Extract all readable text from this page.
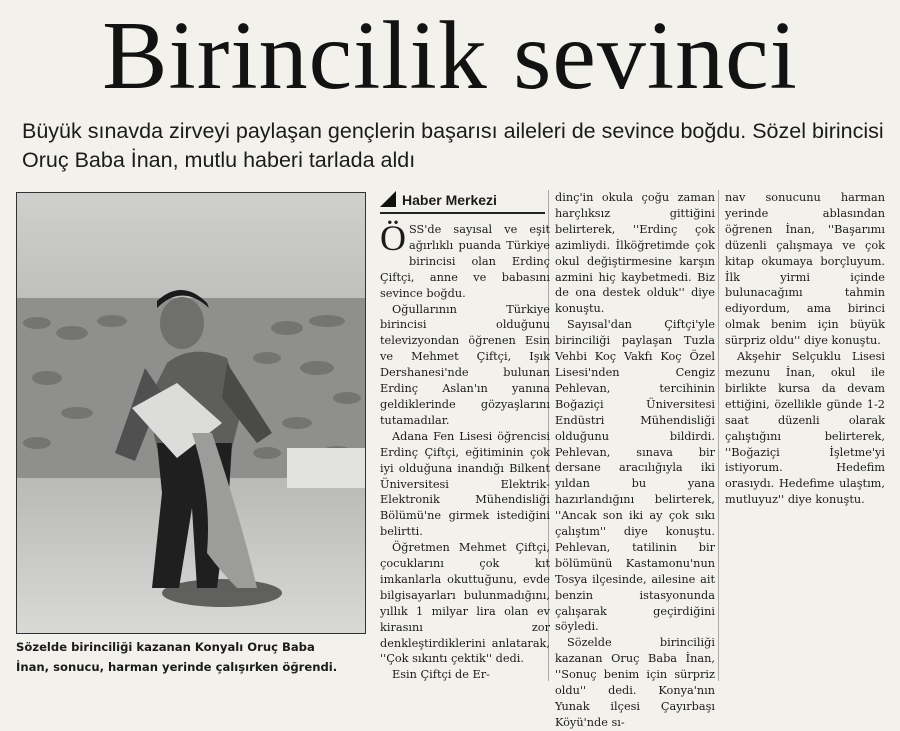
Birincilik sevinci
Büyük sınavda zirveyi paylaşan gençlerin başarısı aileleri de sevince boğdu. Sözel birincisi Oruç Baba İnan, mutlu haberi tarlada aldı
Sözelde birinciliği kazanan Konyalı Oruç Baba
İnan, sonucu, harman yerinde çalışırken öğrendi.
Haber Merkezi

ÖSS'de sayısal ve eşit ağırlıklı puanda Türkiye birincisi olan Erdinç Çiftçi, anne ve babasını sevince boğdu.

Oğullarının Türkiye birincisi olduğunu televizyondan öğrenen Esin ve Mehmet Çiftçi, Işık Dershanesi'nde bulunan Erdinç Aslan'ın yanına geldiklerinde gözyaşlarını tutamadılar.

Adana Fen Lisesi öğrencisi Erdinç Çiftçi, eğitiminin çok iyi olduğuna inandığı Bilkent Üniversitesi Elektrik-Elektronik Mühendisliği Bölümü'ne girmek istediğini belirtti.

Öğretmen Mehmet Çiftçi, çocuklarını çok kıt imkanlarla okuttuğunu, evde bilgisayarları bulunmadığını, yıllık 1 milyar lira olan ev kirasını zor denkleştirdiklerini anlatarak, ''Çok sıkıntı çektik'' dedi.

Esin Çiftçi de Er-

dinç'in okula çoğu zaman harçlıksız gittiğini belirterek, ''Erdinç çok azimliydi. İlköğretimde çok okul değiştirmesine karşın azmini hiç kaybetmedi. Biz de ona destek olduk'' diye konuştu.

Sayısal'dan Çiftçi'yle birinciliği paylaşan Tuzla Vehbi Koç Vakfı Koç Özel Lisesi'nden Cengiz Pehlevan, tercihinin Boğaziçi Üniversitesi Endüstri Mühendisliği olduğunu bildirdi. Pehlevan, sınava bir dersane aracılığıyla iki yıldan bu yana hazırlandığını belirterek, ''Ancak son iki ay çok sıkı çalıştım'' diye konuştu. Pehlevan, tatilinin bir bölümünü Kastamonu'nun Tosya ilçesinde, ailesine ait benzin istasyonunda çalışarak geçirdiğini söyledi.

Sözelde birinciliği kazanan Oruç Baba İnan, ''Sonuç benim için sürpriz oldu'' dedi. Konya'nın Yunak ilçesi Çayırbaşı Köyü'nde sı-

nav sonucunu harman yerinde ablasından öğrenen İnan, ''Başarımı düzenli çalışmaya ve çok kitap okumaya borçluyum. İlk yirmi içinde bulunacağımı tahmin ediyordum, ama birinci olmak benim için büyük sürpriz oldu'' diye konuştu.

Akşehir Selçuklu Lisesi mezunu İnan, okul ile birlikte kursa da devam ettiğini, özellikle günde 1-2 saat düzenli olarak çalıştığını belirterek, ''Boğaziçi İşletme'yi istiyorum. Hedefim orasıydı. Hedefime ulaştım, mutluyuz'' diye konuştu.
